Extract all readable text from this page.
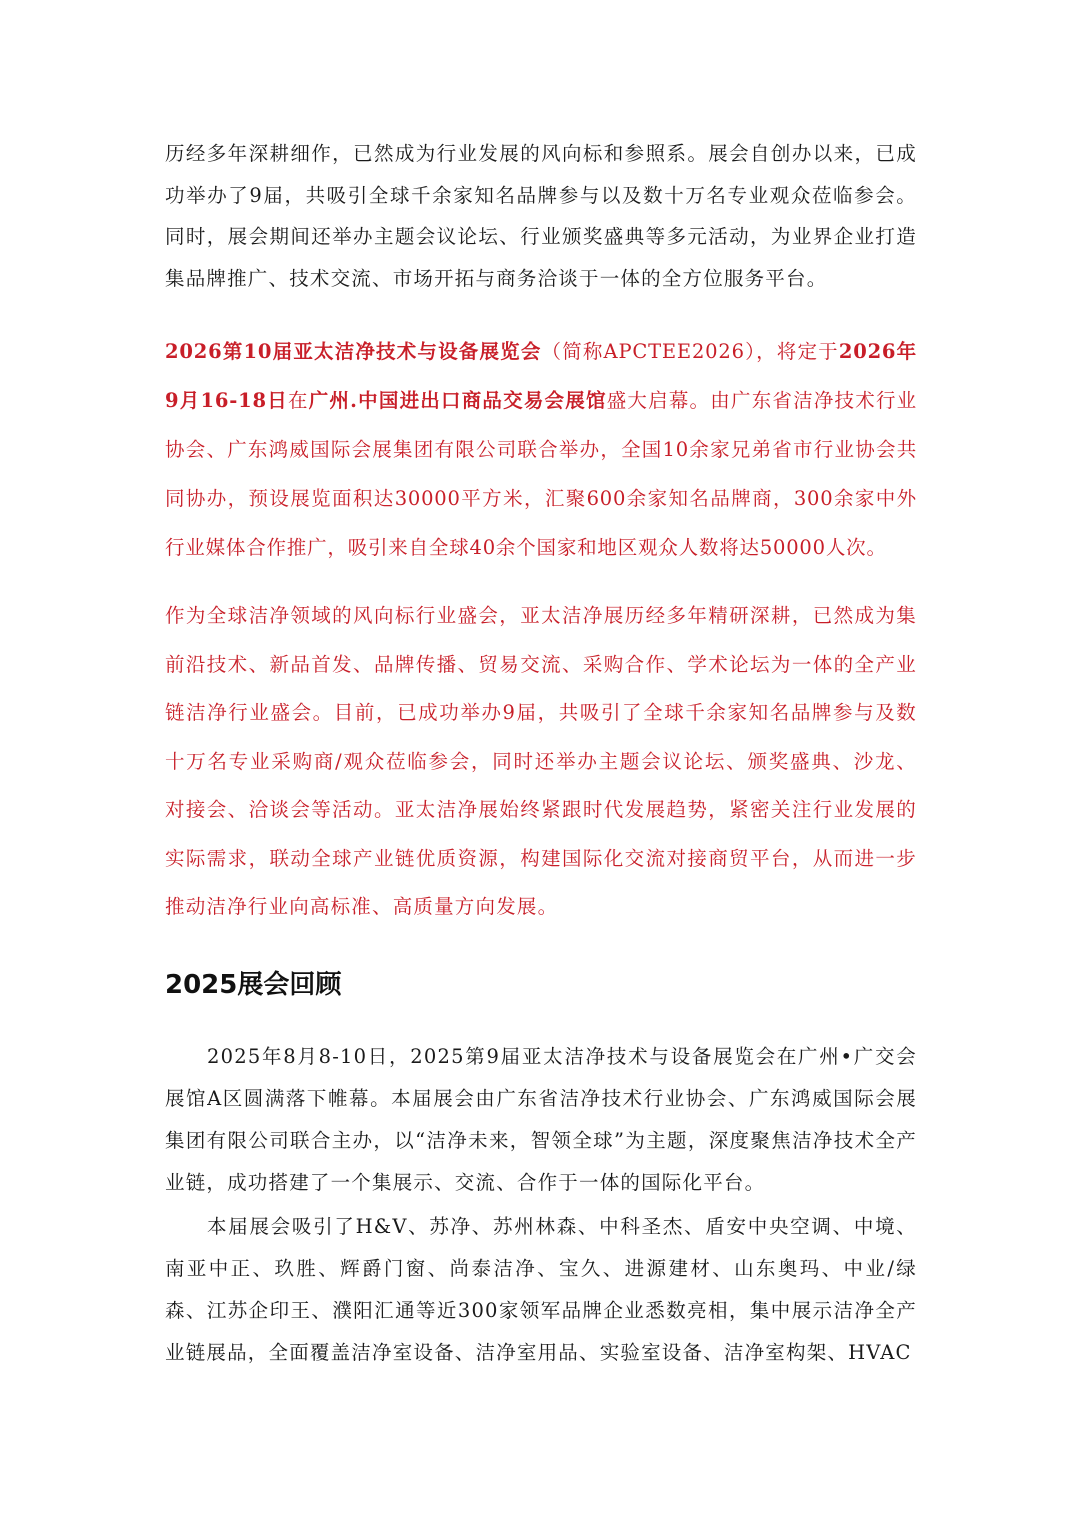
历经多年深耕细作，已然成为行业发展的风向标和参照系。展会自创办以来，已成功举办了9届，共吸引全球千余家知名品牌参与以及数十万名专业观众莅临参会。同时，展会期间还举办主题会议论坛、行业颁奖盛典等多元活动，为业界企业打造集品牌推广、技术交流、市场开拓与商务洽谈于一体的全方位服务平台。

2026第10届亚太洁净技术与设备展览会（简称APCTEE2026），将定于2026年9月16-18日在广州.中国进出口商品交易会展馆盛大启幕。由广东省洁净技术行业协会、广东鸿威国际会展集团有限公司联合举办，全国10余家兄弟省市行业协会共同协办，预设展览面积达30000平方米，汇聚600余家知名品牌商，300余家中外行业媒体合作推广，吸引来自全球40余个国家和地区观众人数将达50000人次。

作为全球洁净领域的风向标行业盛会，亚太洁净展历经多年精研深耕，已然成为集前沿技术、新品首发、品牌传播、贸易交流、采购合作、学术论坛为一体的全产业链洁净行业盛会。目前，已成功举办9届，共吸引了全球千余家知名品牌参与及数十万名专业采购商/观众莅临参会，同时还举办主题会议论坛、颁奖盛典、沙龙、对接会、洽谈会等活动。亚太洁净展始终紧跟时代发展趋势，紧密关注行业发展的实际需求，联动全球产业链优质资源，构建国际化交流对接商贸平台，从而进一步推动洁净行业向高标准、高质量方向发展。

2025展会回顾

2025年8月8-10日，2025第9届亚太洁净技术与设备展览会在广州•广交会展馆A区圆满落下帷幕。本届展会由广东省洁净技术行业协会、广东鸿威国际会展集团有限公司联合主办，以“洁净未来，智领全球”为主题，深度聚焦洁净技术全产业链，成功搭建了一个集展示、交流、合作于一体的国际化平台。

本届展会吸引了H&V、苏净、苏州林森、中科圣杰、盾安中央空调、中境、南亚中正、玖胜、辉爵门窗、尚泰洁净、宝久、进源建材、山东奥玛、中业/绿森、江苏企印王、濮阳汇通等近300家领军品牌企业悉数亮相，集中展示洁净全产业链展品，全面覆盖洁净室设备、洁净室用品、实验室设备、洁净室构架、HVAC
